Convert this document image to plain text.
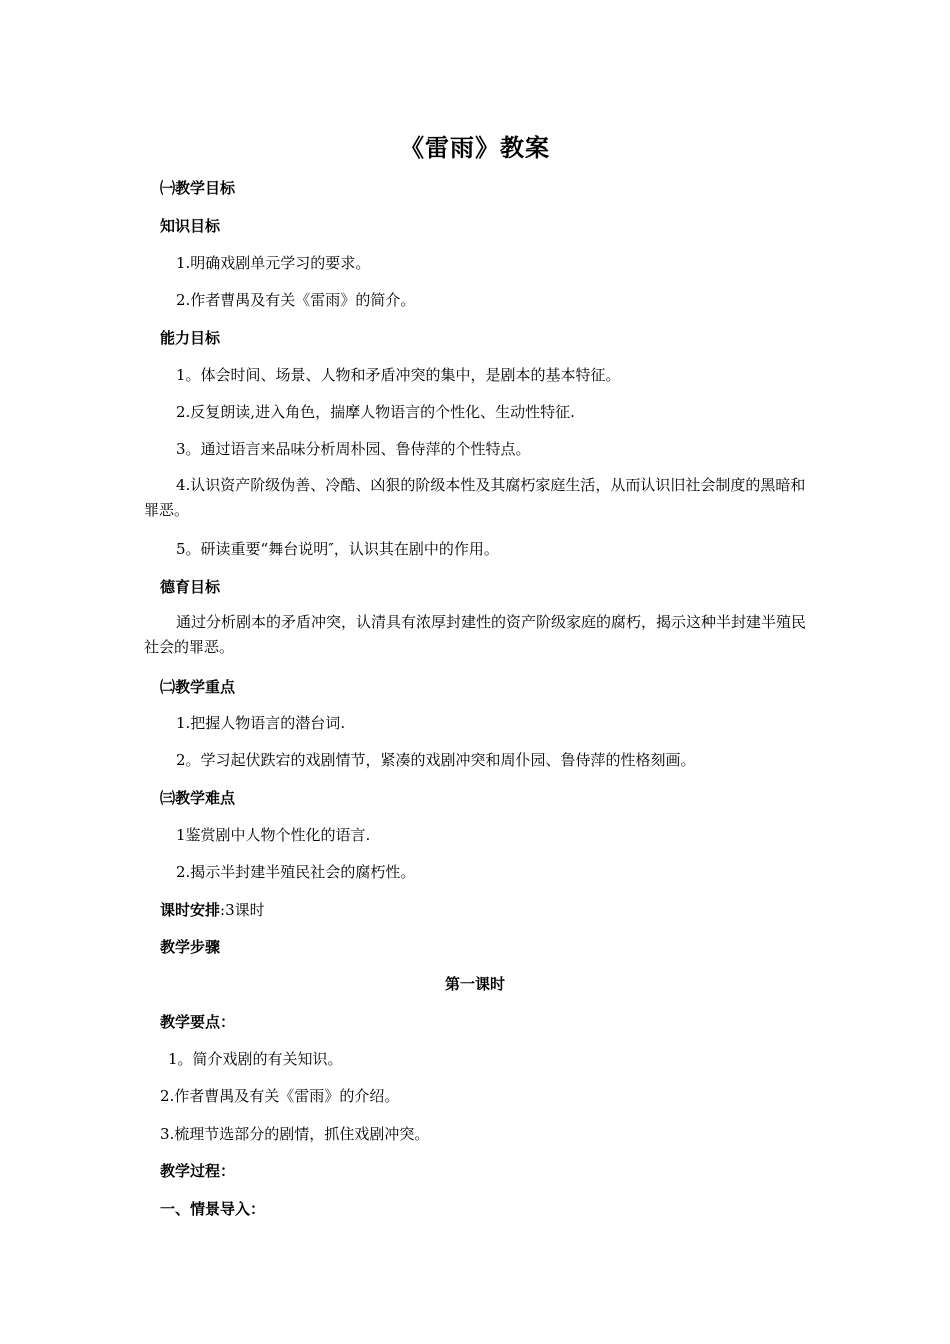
《雷雨》教案
㈠教学目标
知识目标
1.明确戏剧单元学习的要求。
2.作者曹禺及有关《雷雨》的简介。
能力目标
1。体会时间、场景、人物和矛盾冲突的集中，是剧本的基本特征。
2.反复朗读,进入角色，揣摩人物语言的个性化、生动性特征.
3。通过语言来品味分析周朴园、鲁侍萍的个性特点。
4.认识资产阶级伪善、冷酷、凶狠的阶级本性及其腐朽家庭生活，从而认识旧社会制度的黑暗和罪恶。
5。研读重要“舞台说明″，认识其在剧中的作用。
德育目标
通过分析剧本的矛盾冲突，认清具有浓厚封建性的资产阶级家庭的腐朽，揭示这种半封建半殖民社会的罪恶。
㈡教学重点
1.把握人物语言的潜台词.
2。学习起伏跌宕的戏剧情节，紧凑的戏剧冲突和周仆园、鲁侍萍的性格刻画。
㈢教学难点
1鉴赏剧中人物个性化的语言.
2.揭示半封建半殖民社会的腐朽性。
课时安排:3课时
教学步骤
第一课时
教学要点：
1。简介戏剧的有关知识。
2.作者曹禺及有关《雷雨》的介绍。
3.梳理节选部分的剧情，抓住戏剧冲突。
教学过程：
一、情景导入：
